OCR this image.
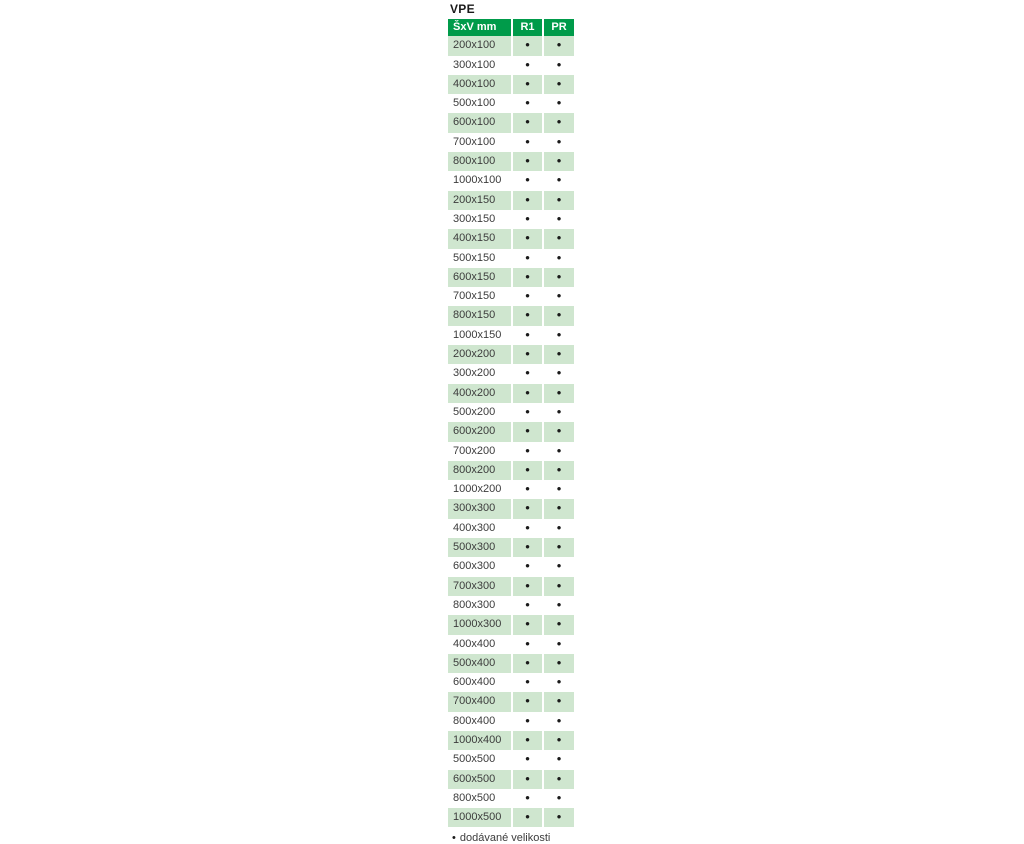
VPE
ŠxV mm	R1	PR
200x100	•	•
300x100	•	•
400x100	•	•
500x100	•	•
600x100	•	•
700x100	•	•
800x100	•	•
1000x100	•	•
200x150	•	•
300x150	•	•
400x150	•	•
500x150	•	•
600x150	•	•
700x150	•	•
800x150	•	•
1000x150	•	•
200x200	•	•
300x200	•	•
400x200	•	•
500x200	•	•
600x200	•	•
700x200	•	•
800x200	•	•
1000x200	•	•
300x300	•	•
400x300	•	•
500x300	•	•
600x300	•	•
700x300	•	•
800x300	•	•
1000x300	•	•
400x400	•	•
500x400	•	•
600x400	•	•
700x400	•	•
800x400	•	•
1000x400	•	•
500x500	•	•
600x500	•	•
800x500	•	•
1000x500	•	•
• dodávané velikosti
